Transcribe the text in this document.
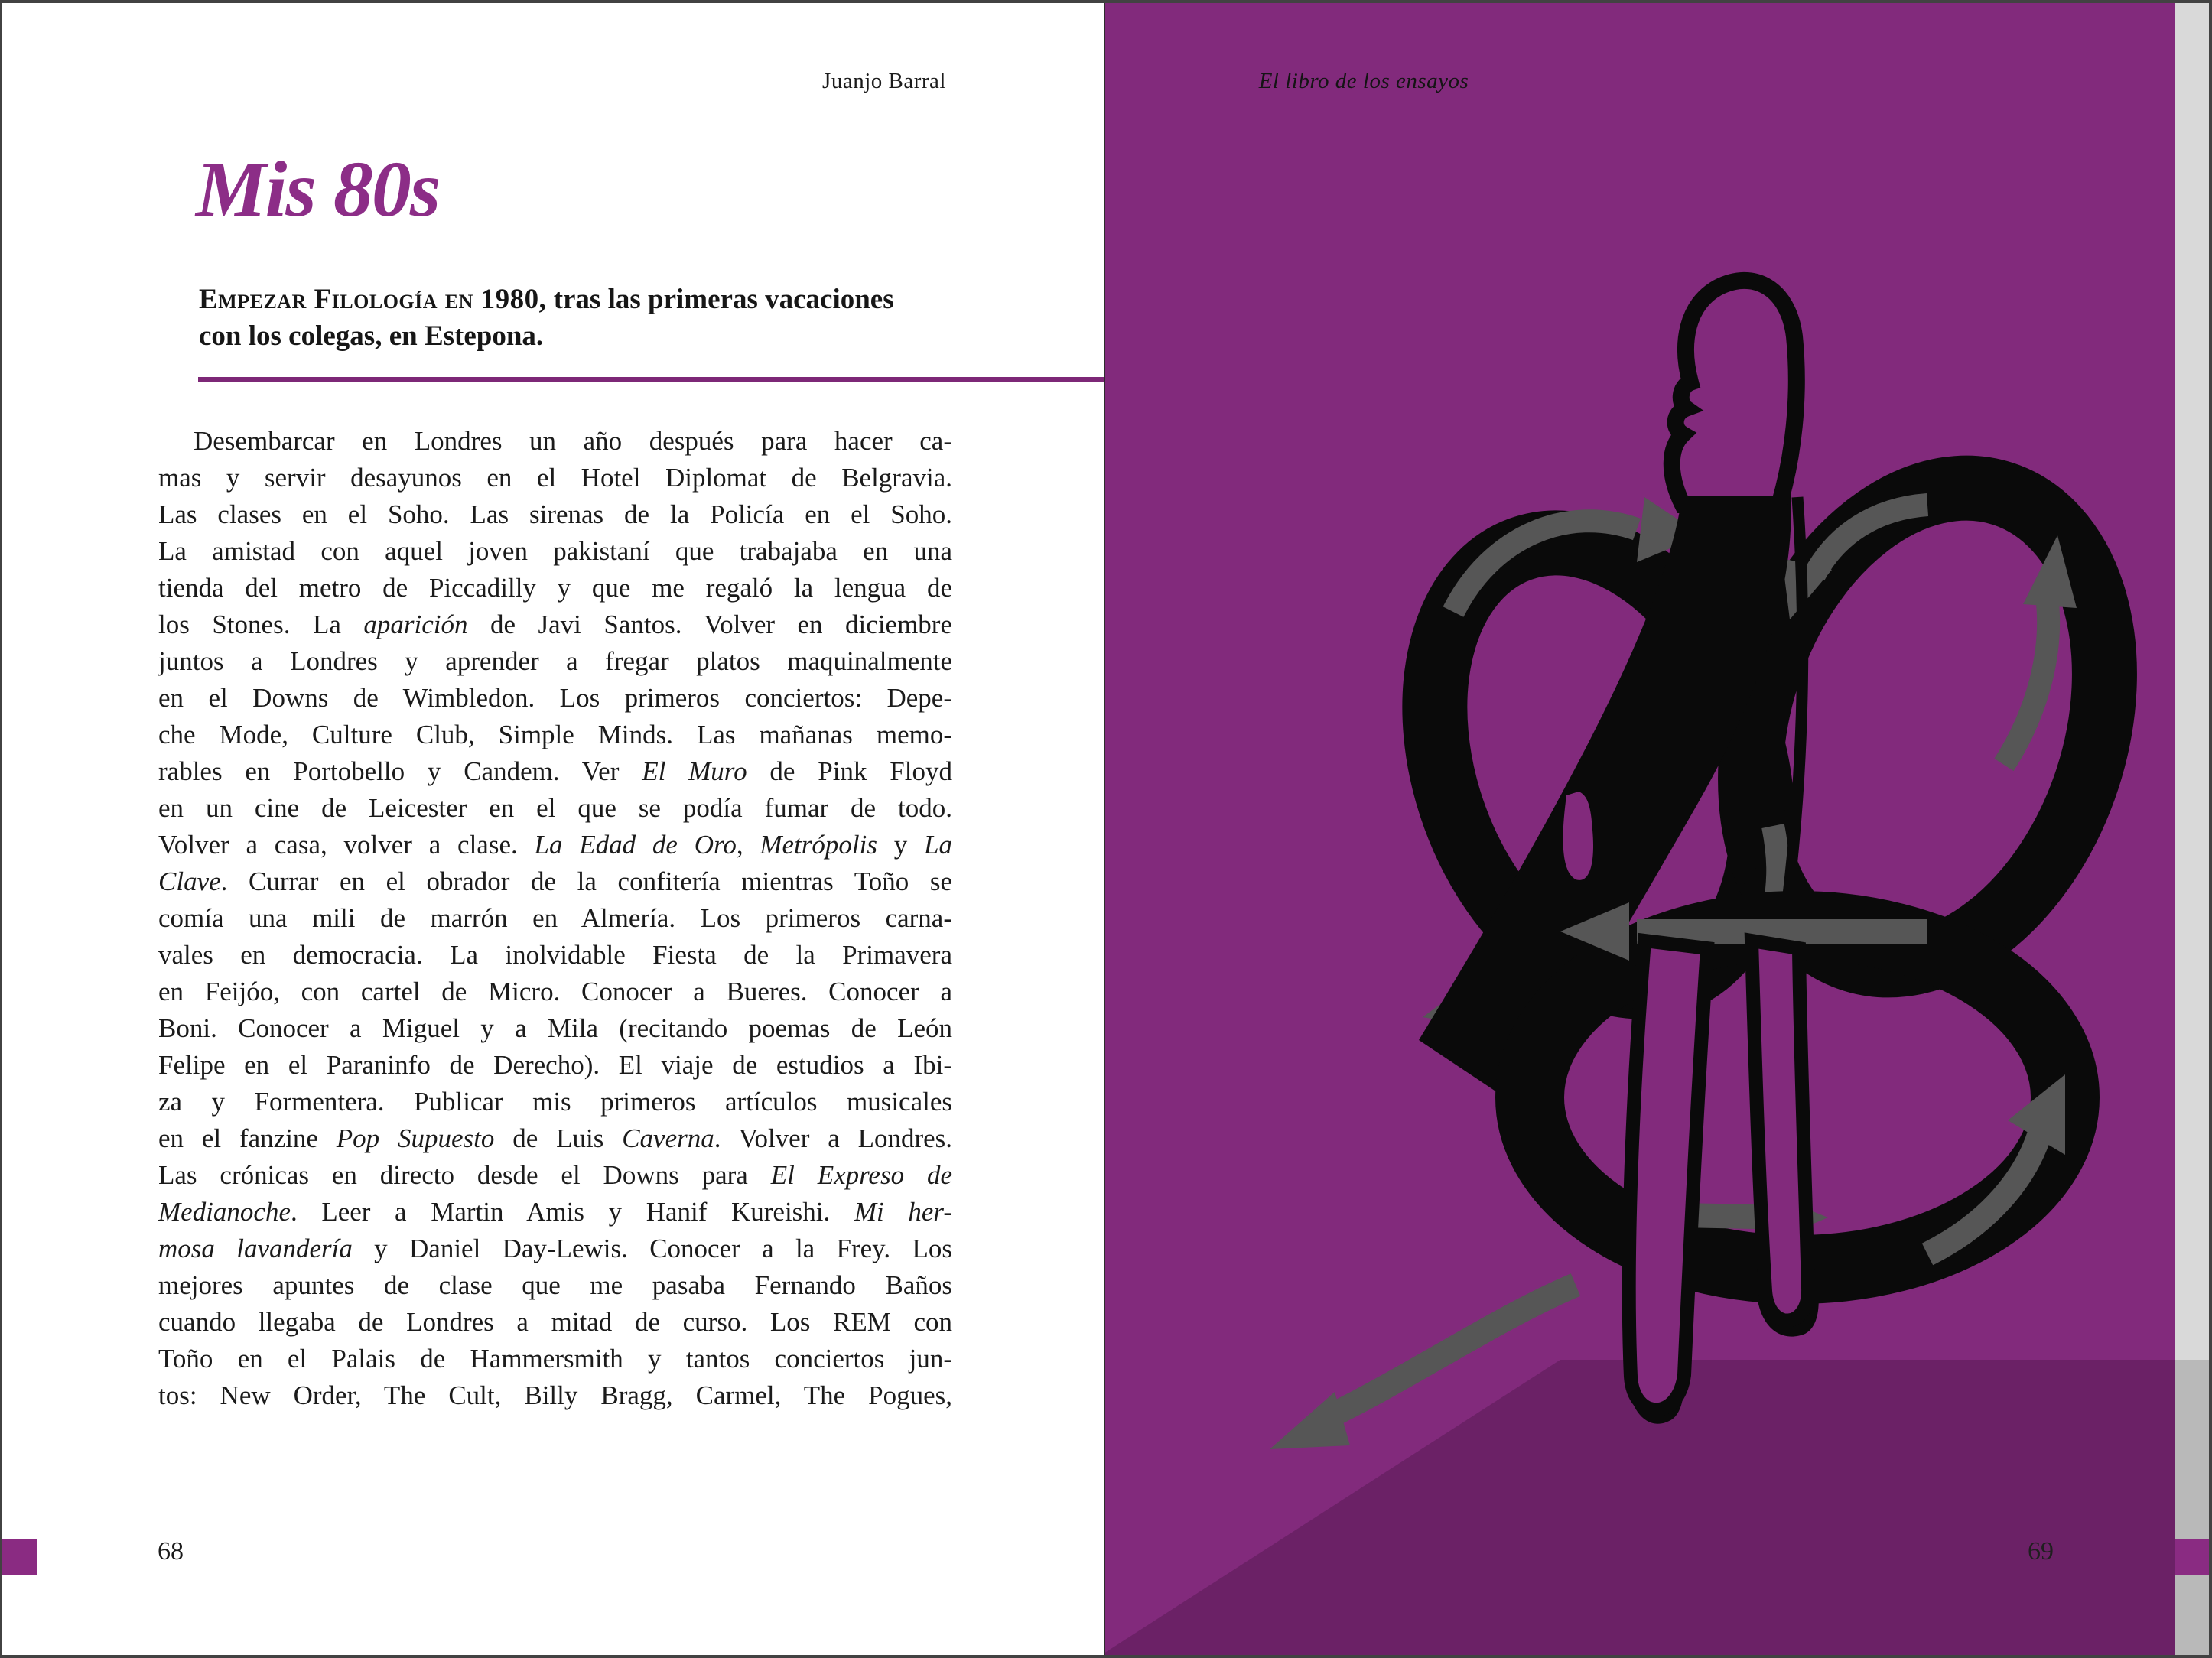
Juanjo Barral
Mis 80s

Empezar Filología en 1980, tras las primeras vacaciones con los colegas, en Estepona.

Desembarcar en Londres un año después para hacer ca-
mas y servir desayunos en el Hotel Diplomat de Belgravia.
Las clases en el Soho. Las sirenas de la Policía en el Soho.
La amistad con aquel joven pakistaní que trabajaba en una
tienda del metro de Piccadilly y que me regaló la lengua de
los Stones. La aparición de Javi Santos. Volver en diciembre
juntos a Londres y aprender a fregar platos maquinalmente
en el Downs de Wimbledon. Los primeros conciertos: Depe-
che Mode, Culture Club, Simple Minds. Las mañanas memo-
rables en Portobello y Candem. Ver El Muro de Pink Floyd
en un cine de Leicester en el que se podía fumar de todo.
Volver a casa, volver a clase. La Edad de Oro, Metrópolis y La
Clave. Currar en el obrador de la confitería mientras Toño se
comía una mili de marrón en Almería. Los primeros carna-
vales en democracia. La inolvidable Fiesta de la Primavera
en Feijóo, con cartel de Micro. Conocer a Bueres. Conocer a
Boni. Conocer a Miguel y a Mila (recitando poemas de León
Felipe en el Paraninfo de Derecho). El viaje de estudios a Ibi-
za y Formentera. Publicar mis primeros artículos musicales
en el fanzine Pop Supuesto de Luis Caverna. Volver a Londres.
Las crónicas en directo desde el Downs para El Expreso de
Medianoche. Leer a Martin Amis y Hanif Kureishi. Mi her-
mosa lavandería y Daniel Day-Lewis. Conocer a la Frey. Los
mejores apuntes de clase que me pasaba Fernando Baños
cuando llegaba de Londres a mitad de curso. Los REM con
Toño en el Palais de Hammersmith y tantos conciertos jun-
tos: New Order, The Cult, Billy Bragg, Carmel, The Pogues,
68
El libro de los ensayos
69
